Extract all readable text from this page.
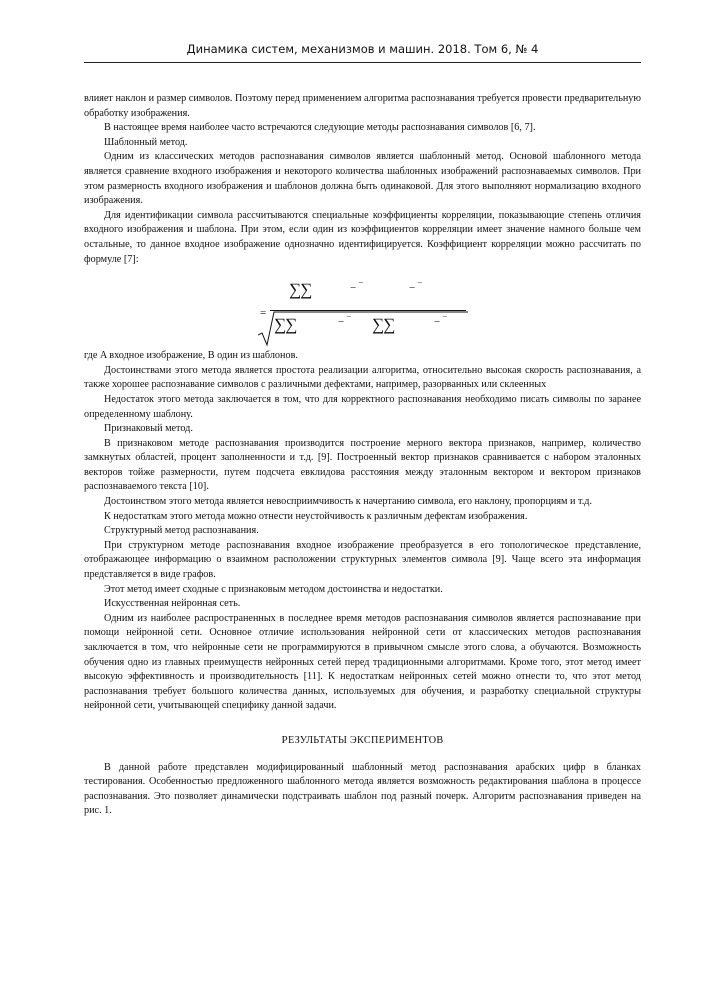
Динамика систем, механизмов и машин. 2018. Том 6, № 4

влияет наклон и размер символов. Поэтому перед применением алгоритма распознавания требуется провести предварительную обработку изображения.

В настоящее время наиболее часто встречаются следующие методы распознавания символов [6, 7].

Шаблонный метод.

Одним из классических методов распознавания символов является шаблонный метод. Основой шаблонного метода является сравнение входного изображения и некоторого количества шаблонных изображений распознаваемых символов. При этом размерность входного изображения и шаблонов должна быть одинаковой. Для этого выполняют нормализацию входного изображения.

Для идентификации символа рассчитываются специальные коэффициенты корреляции, показывающие степень отличия входного изображения и шаблона. При этом, если один из коэффициентов корреляции имеет значение намного больше чем остальные, то данное входное изображение однозначно идентифицируется. Коэффициент корреляции можно рассчитать по формуле [7]:

=
∑∑	− ‾	− ‾
∑∑	− ‾ ∑∑	− ‾

где A входное изображение, B один из шаблонов.

Достоинствами этого метода является простота реализации алгоритма, относительно высокая скорость распознавания, а также хорошее распознавание символов с различными дефектами, например, разорванных или склеенных

Недостаток этого метода заключается в том, что для корректного распознавания необходимо писать символы по заранее определенному шаблону.

Признаковый метод.

В признаковом методе распознавания производится построение мерного вектора признаков, например, количество замкнутых областей, процент заполненности и т.д. [9]. Построенный вектор признаков сравнивается с набором эталонных векторов тойже размерности, путем подсчета евклидова расстояния между эталонным вектором и вектором признаков распознаваемого текста [10].

Достоинством этого метода является невосприимчивость к начертанию символа, его наклону, пропорциям и т.д.

К недостаткам этого метода можно отнести неустойчивость к различным дефектам изображения.

Структурный метод распознавания.

При структурном методе распознавания входное изображение преобразуется в его топологическое представление, отображающее информацию о взаимном расположении структурных элементов символа [9]. Чаще всего эта информация представляется в виде графов.

Этот метод имеет сходные с признаковым методом достоинства и недостатки.

Искусственная нейронная сеть.

Одним из наиболее распространенных в последнее время методов распознавания символов является распознавание при помощи нейронной сети. Основное отличие использования нейронной сети от классических методов распознавания заключается в том, что нейронные сети не программируются в привычном смысле этого слова, а обучаются. Возможность обучения одно из главных преимуществ нейронных сетей перед традиционными алгоритмами. Кроме того, этот метод имеет высокую эффективность и производительность [11]. К недостаткам нейронных сетей можно отнести то, что этот метод распознавания требует большого количества данных, используемых для обучения, и разработку специальной структуры нейронной сети, учитывающей специфику данной задачи.

РЕЗУЛЬТАТЫ ЭКСПЕРИМЕНТОВ

В данной работе представлен модифицированный шаблонный метод распознавания арабских цифр в бланках тестирования. Особенностью предложенного шаблонного метода является возможность редактирования шаблона в процессе распознавания. Это позволяет динамически подстраивать шаблон под разный почерк. Алгоритм распознавания приведен на рис. 1.
